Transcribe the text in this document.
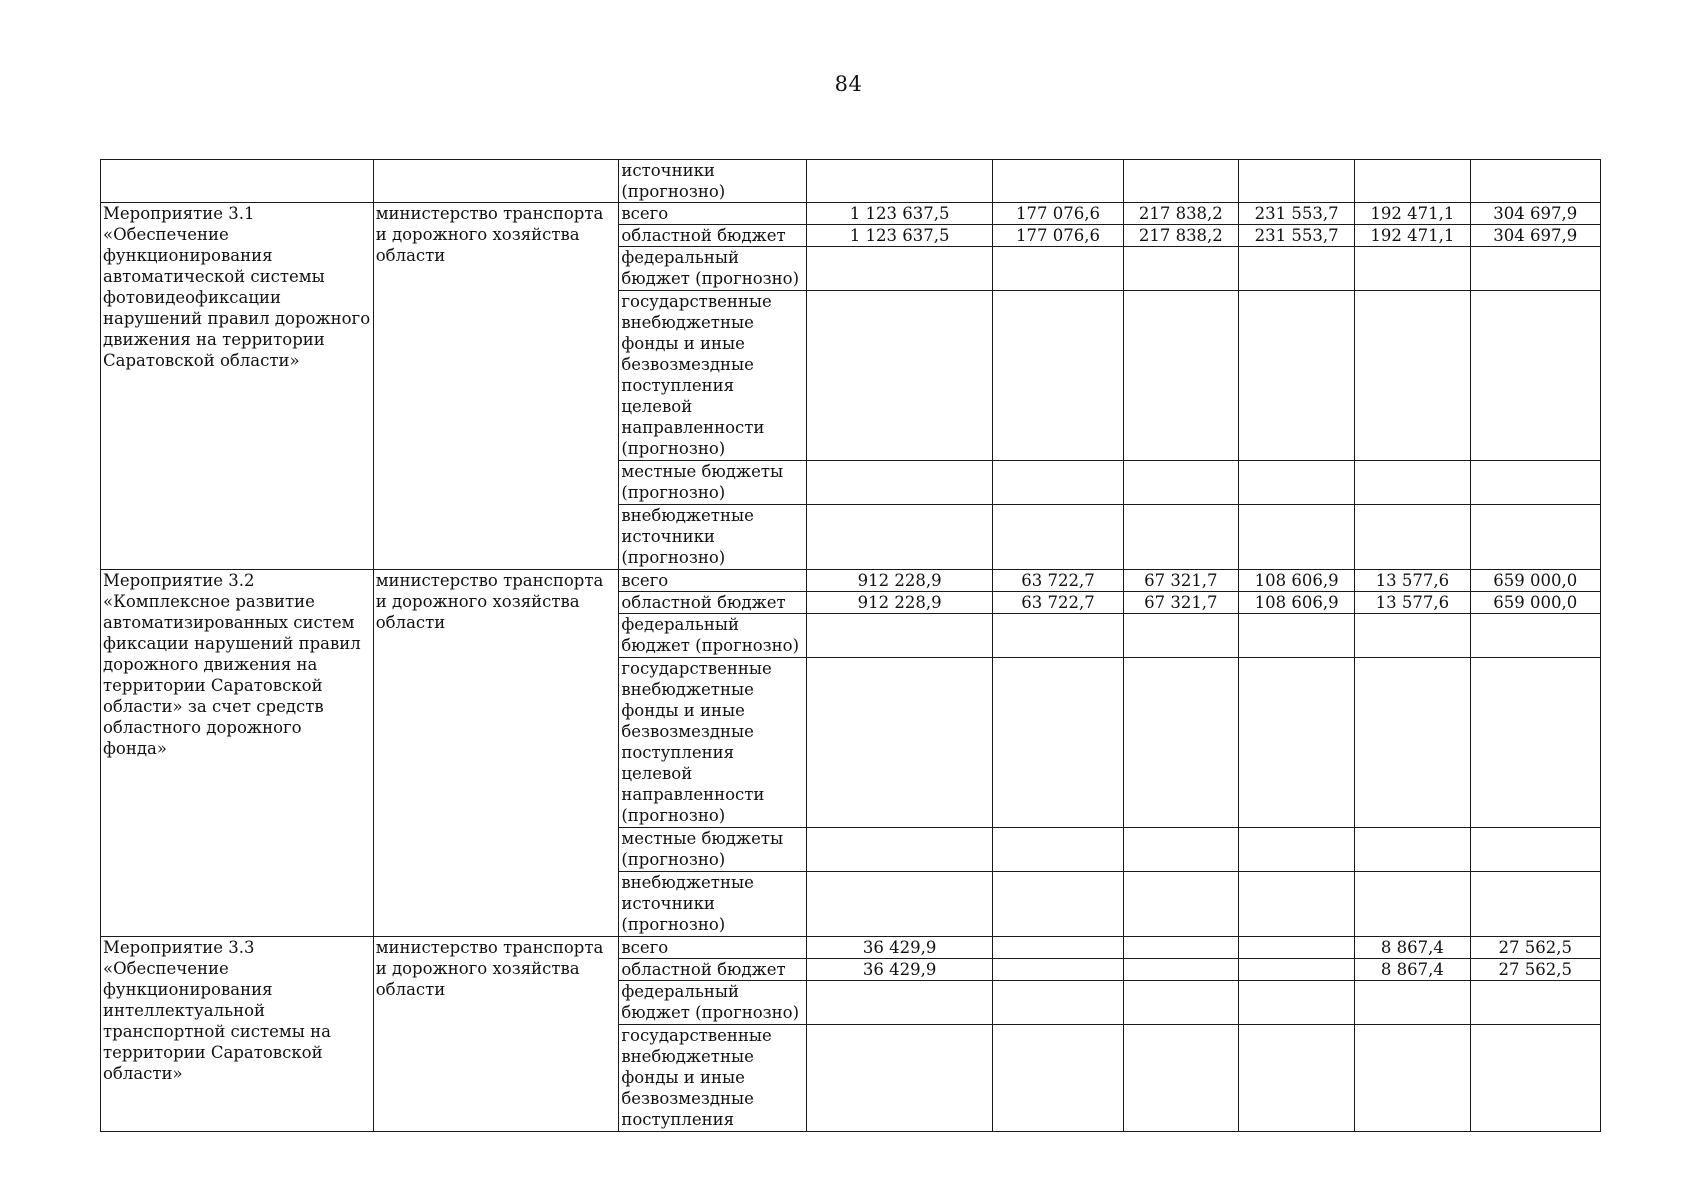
84
		источники (прогнозно)						
Мероприятие 3.1 «Обеспечение функционирования автоматической системы фотовидеофиксации нарушений правил дорожного движения на территории Саратовской области»	министерство транспорта и дорожного хозяйства области	всего	1 123 637,5	177 076,6	217 838,2	231 553,7	192 471,1	304 697,9
		областной бюджет	1 123 637,5	177 076,6	217 838,2	231 553,7	192 471,1	304 697,9
		федеральный бюджет (прогнозно)						
		государственные внебюджетные фонды и иные безвозмездные поступления целевой направленности (прогнозно)						
		местные бюджеты (прогнозно)						
		внебюджетные источники (прогнозно)						
Мероприятие 3.2 «Комплексное развитие автоматизированных систем фиксации нарушений правил дорожного движения на территории Саратовской области» за счет средств областного дорожного фонда»	министерство транспорта и дорожного хозяйства области	всего	912 228,9	63 722,7	67 321,7	108 606,9	13 577,6	659 000,0
		областной бюджет	912 228,9	63 722,7	67 321,7	108 606,9	13 577,6	659 000,0
		федеральный бюджет (прогнозно)						
		государственные внебюджетные фонды и иные безвозмездные поступления целевой направленности (прогнозно)						
		местные бюджеты (прогнозно)						
		внебюджетные источники (прогнозно)						
Мероприятие 3.3 «Обеспечение функционирования интеллектуальной транспортной системы на территории Саратовской области»	министерство транспорта и дорожного хозяйства области	всего	36 429,9				8 867,4	27 562,5
		областной бюджет	36 429,9				8 867,4	27 562,5
		федеральный бюджет (прогнозно)						
		государственные внебюджетные фонды и иные безвозмездные поступления						
